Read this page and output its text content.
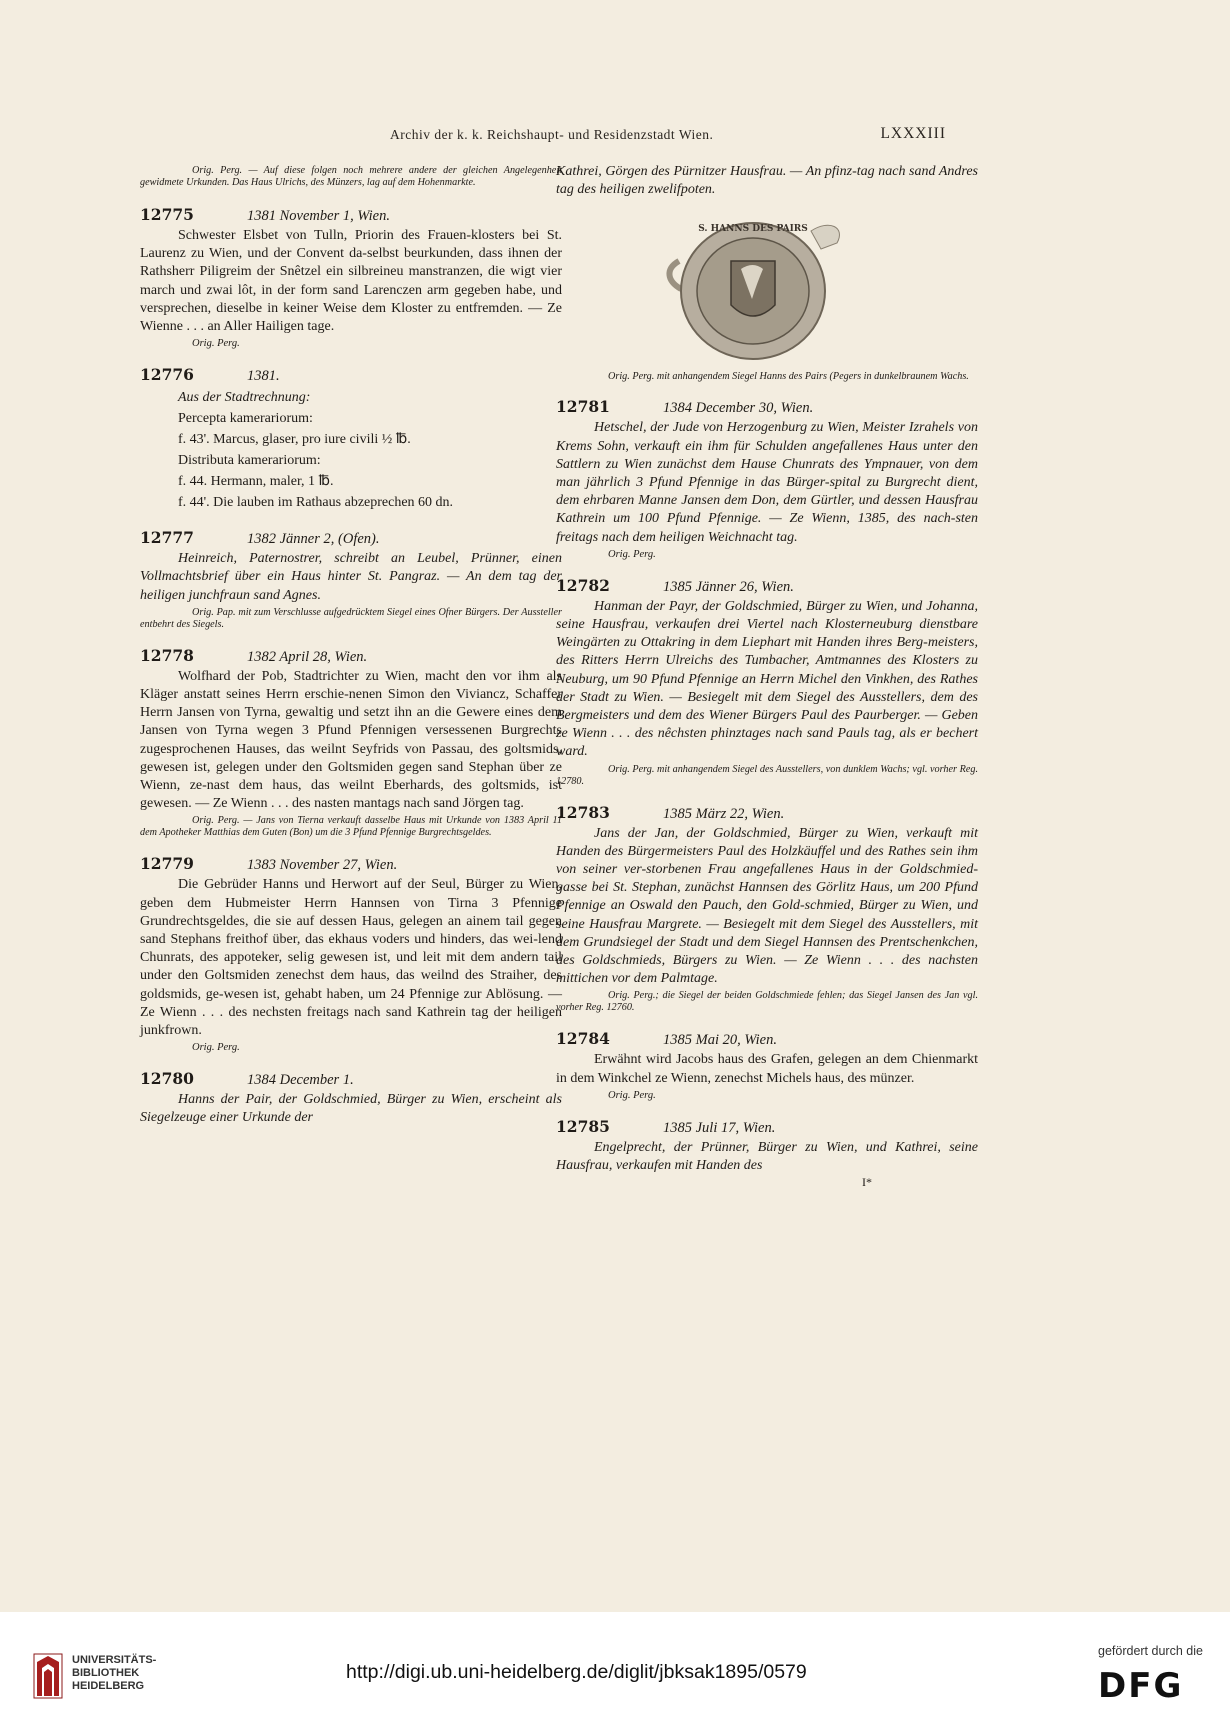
Archiv der k. k. Reichshaupt- und Residenzstadt Wien.	LXXXIII

Orig. Perg. — Auf diese folgen noch mehrere andere der gleichen Angelegenheit gewidmete Urkunden. Das Haus Ulrichs, des Münzers, lag auf dem Hohenmarkte.

12775	1381 November 1, Wien.

Schwester Elsbet von Tulln, Priorin des Frauen-klosters bei St. Laurenz zu Wien, und der Convent da-selbst beurkunden, dass ihnen der Rathsherr Piligreim der Snêtzel ein silbreineu manstranzen, die wigt vier march und zwai lôt, in der form sand Larenczen arm gegeben habe, und versprechen, dieselbe in keiner Weise dem Kloster zu entfremden. — Ze Wienne . . . an Aller Hailigen tage.

Orig. Perg.

12776	1381.
Aus der Stadtrechnung:
Percepta kamerariorum:
f. 43'. Marcus, glaser, pro iure civili ½ ℔.
Distributa kamerariorum:
f. 44. Hermann, maler, 1 ℔.
f. 44'. Die lauben im Rathaus abzeprechen 60 dn.
12777	1382 Jänner 2, (Ofen).

Heinreich, Paternostrer, schreibt an Leubel, Prünner, einen Vollmachtsbrief über ein Haus hinter St. Pangraz. — An dem tag der heiligen junchfraun sand Agnes.

Orig. Pap. mit zum Verschlusse aufgedrücktem Siegel eines Ofner Bürgers. Der Aussteller entbehrt des Siegels.

12778	1382 April 28, Wien.

Wolfhard der Pob, Stadtrichter zu Wien, macht den vor ihm als Kläger anstatt seines Herrn erschie-nenen Simon den Viviancz, Schaffer Herrn Jansen von Tyrna, gewaltig und setzt ihn an die Gewere eines dem Jansen von Tyrna wegen 3 Pfund Pfennigen versessenen Burgrechts zugesprochenen Hauses, das weilnt Seyfrids von Passau, des goltsmids, gewesen ist, gelegen under den Goltsmiden gegen sand Stephan über ze Wienn, ze-nast dem haus, das weilnt Eberhards, des goltsmids, ist gewesen. — Ze Wienn . . . des nasten mantags nach sand Jörgen tag.

Orig. Perg. — Jans von Tierna verkauft dasselbe Haus mit Urkunde von 1383 April 11 dem Apotheker Matthias dem Guten (Bon) um die 3 Pfund Pfennige Burgrechtsgeldes.

12779	1383 November 27, Wien.

Die Gebrüder Hanns und Herwort auf der Seul, Bürger zu Wien, geben dem Hubmeister Herrn Hannsen von Tirna 3 Pfennige Grundrechtsgeldes, die sie auf dessen Haus, gelegen an ainem tail gegen sand Stephans freithof über, das ekhaus voders und hinders, das wei-lend Chunrats, des appoteker, selig gewesen ist, und leit mit dem andern tail under den Goltsmiden zenechst dem haus, das weilnd des Straiher, des goldsmids, ge-wesen ist, gehabt haben, um 24 Pfennige zur Ablösung. — Ze Wienn . . . des nechsten freitags nach sand Kathrein tag der heiligen junkfrown.

Orig. Perg.

12780	1384 December 1.

Hanns der Pair, der Goldschmied, Bürger zu Wien, erscheint als Siegelzeuge einer Urkunde der

Kathrei, Görgen des Pürnitzer Hausfrau. — An pfinz-tag nach sand Andres tag des heiligen zwelifpoten.

S. HANNS DES PAIRS

Orig. Perg. mit anhangendem Siegel Hanns des Pairs (Pegers in dunkelbraunem Wachs.

12781	1384 December 30, Wien.

Hetschel, der Jude von Herzogenburg zu Wien, Meister Izrahels von Krems Sohn, verkauft ein ihm für Schulden angefallenes Haus unter den Sattlern zu Wien zunächst dem Hause Chunrats des Ympnauer, von dem man jährlich 3 Pfund Pfennige in das Bürger-spital zu Burgrecht dient, dem ehrbaren Manne Jansen dem Don, dem Gürtler, und dessen Hausfrau Kathrein um 100 Pfund Pfennige. — Ze Wienn, 1385, des nach-sten freitags nach dem heiligen Weichnacht tag.

Orig. Perg.

12782	1385 Jänner 26, Wien.

Hanman der Payr, der Goldschmied, Bürger zu Wien, und Johanna, seine Hausfrau, verkaufen drei Viertel nach Klosterneuburg dienstbare Weingärten zu Ottakring in dem Liephart mit Handen ihres Berg-meisters, des Ritters Herrn Ulreichs des Tumbacher, Amtmannes des Klosters zu Neuburg, um 90 Pfund Pfennige an Herrn Michel den Vinkhen, des Rathes der Stadt zu Wien. — Besiegelt mit dem Siegel des Ausstellers, dem des Bergmeisters und dem des Wiener Bürgers Paul des Paurberger. — Geben ze Wienn . . . des nêchsten phinztages nach sand Pauls tag, als er bechert ward.

Orig. Perg. mit anhangendem Siegel des Ausstellers, von dunklem Wachs; vgl. vorher Reg. 12780.

12783	1385 März 22, Wien.

Jans der Jan, der Goldschmied, Bürger zu Wien, verkauft mit Handen des Bürgermeisters Paul des Holzkäuffel und des Rathes sein ihm von seiner ver-storbenen Frau angefallenes Haus in der Goldschmied-gasse bei St. Stephan, zunächst Hannsen des Görlitz Haus, um 200 Pfund Pfennige an Oswald den Pauch, den Gold-schmied, Bürger zu Wien, und seine Hausfrau Margrete. — Besiegelt mit dem Siegel des Ausstellers, mit dem Grundsiegel der Stadt und dem Siegel Hannsen des Prentschenkchen, des Goldschmieds, Bürgers zu Wien. — Ze Wienn . . . des nachsten mittichen vor dem Palmtage.

Orig. Perg.; die Siegel der beiden Goldschmiede fehlen; das Siegel Jansen des Jan vgl. vorher Reg. 12760.

12784	1385 Mai 20, Wien.

Erwähnt wird Jacobs haus des Grafen, gelegen an dem Chienmarkt in dem Winkchel ze Wienn, zenechst Michels haus, des münzer.

Orig. Perg.

12785	1385 Juli 17, Wien.

Engelprecht, der Prünner, Bürger zu Wien, und Kathrei, seine Hausfrau, verkaufen mit Handen des

I*
UNIVERSITÄTS-
BIBLIOTHEK
HEIDELBERG
http://digi.ub.uni-heidelberg.de/diglit/jbksak1895/0579
gefördert durch die
DFG
